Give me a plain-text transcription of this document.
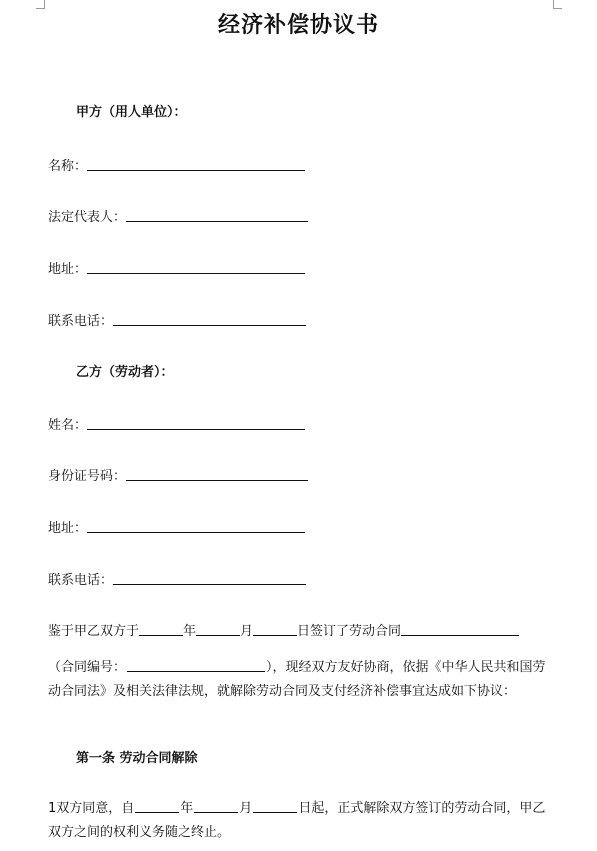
经济补偿协议书
甲方（用人单位）：
名称：
法定代表人：
地址：
联系电话：
乙方（劳动者）：
姓名：
身份证号码：
地址：
联系电话：
鉴于甲乙双方于	年	月	日签订了劳动合同
（合同编号：	），现经双方友好协商，依据《中华人民共和国劳动合同法》及相关法律法规，就解除劳动合同及支付经济补偿事宜达成如下协议：
第一条 劳动合同解除
1双方同意，自	年	月	日起，正式解除双方签订的劳动合同，甲乙双方之间的权利义务随之终止。
